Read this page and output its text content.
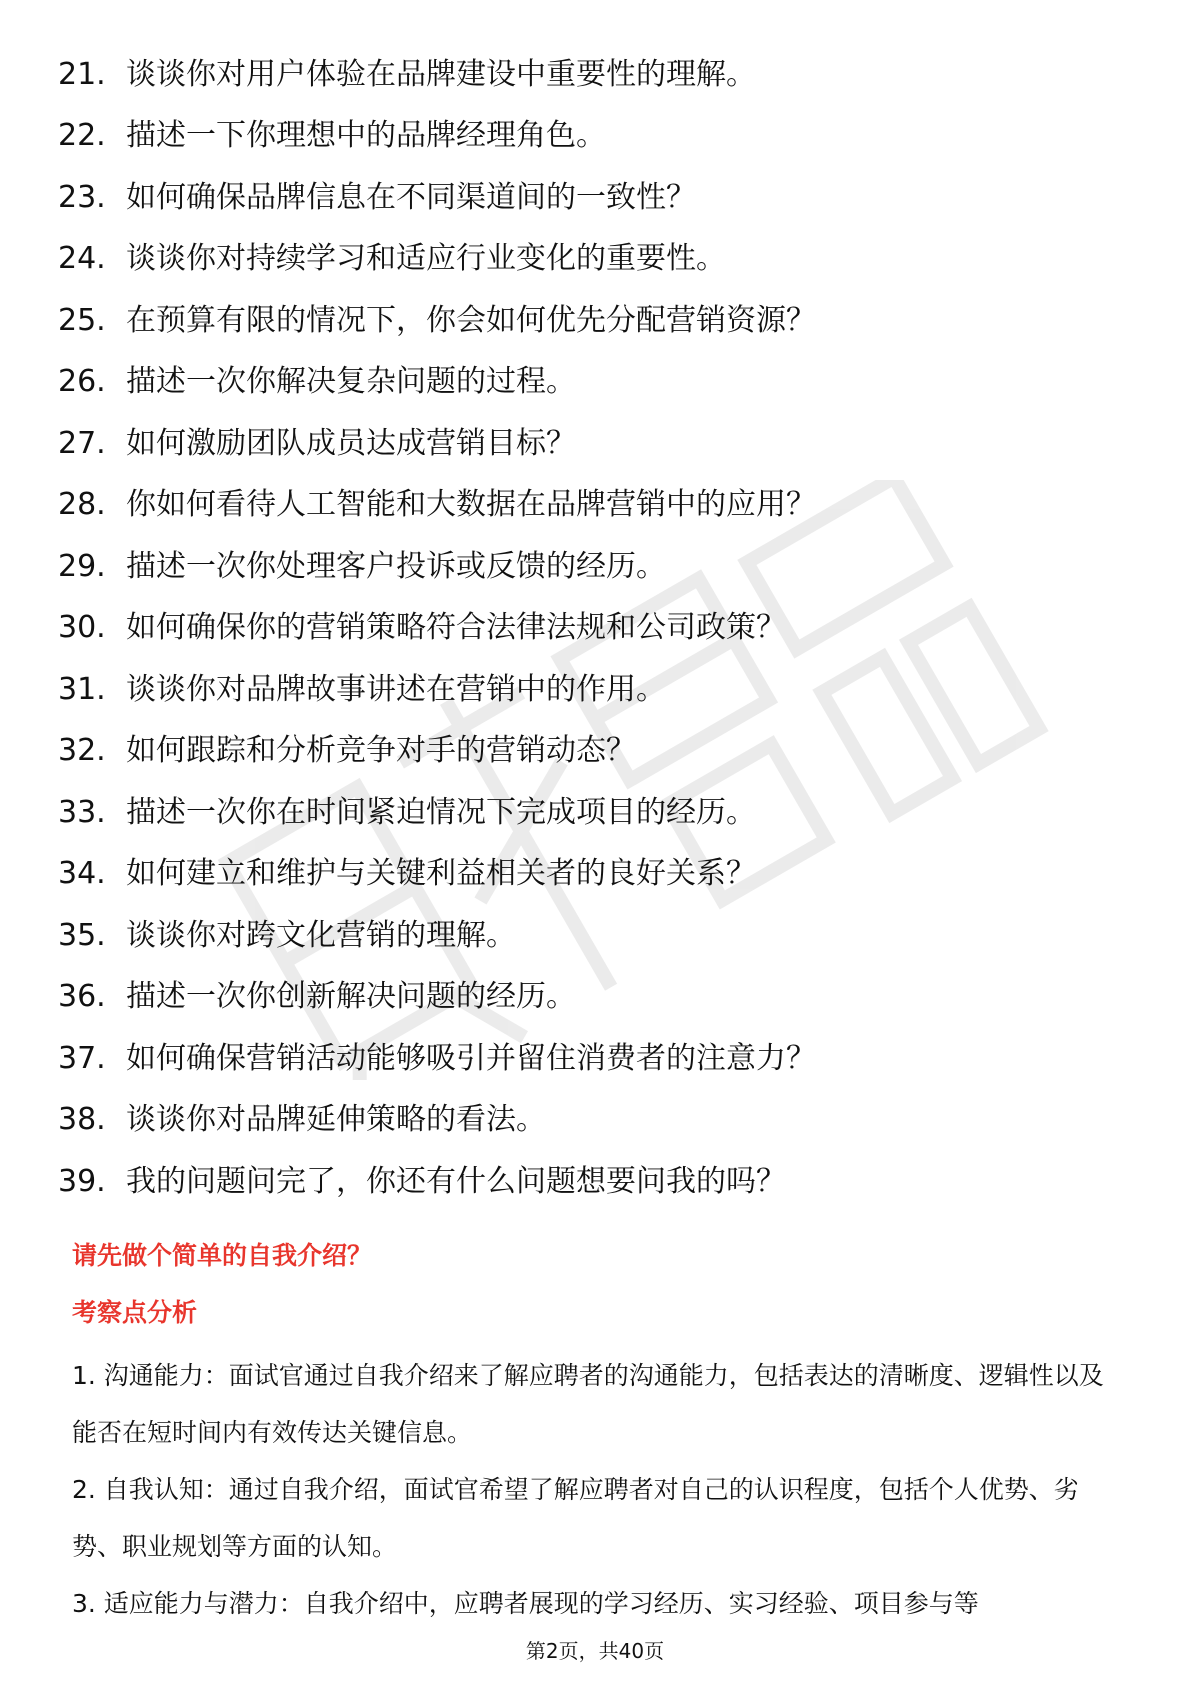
21. 谈谈你对用户体验在品牌建设中重要性的理解。
22. 描述一下你理想中的品牌经理角色。
23. 如何确保品牌信息在不同渠道间的一致性？
24. 谈谈你对持续学习和适应行业变化的重要性。
25. 在预算有限的情况下，你会如何优先分配营销资源？
26. 描述一次你解决复杂问题的过程。
27. 如何激励团队成员达成营销目标？
28. 你如何看待人工智能和大数据在品牌营销中的应用？
29. 描述一次你处理客户投诉或反馈的经历。
30. 如何确保你的营销策略符合法律法规和公司政策？
31. 谈谈你对品牌故事讲述在营销中的作用。
32. 如何跟踪和分析竞争对手的营销动态？
33. 描述一次你在时间紧迫情况下完成项目的经历。
34. 如何建立和维护与关键利益相关者的良好关系？
35. 谈谈你对跨文化营销的理解。
36. 描述一次你创新解决问题的经历。
37. 如何确保营销活动能够吸引并留住消费者的注意力？
38. 谈谈你对品牌延伸策略的看法。
39. 我的问题问完了，你还有什么问题想要问我的吗？
请先做个简单的自我介绍？
考察点分析

1. 沟通能力：面试官通过自我介绍来了解应聘者的沟通能力，包括表达的清晰度、逻辑性以及能否在短时间内有效传达关键信息。

2. 自我认知：通过自我介绍，面试官希望了解应聘者对自己的认识程度，包括个人优势、劣势、职业规划等方面的认知。

3. 适应能力与潜力：自我介绍中，应聘者展现的学习经历、实习经验、项目参与等

第2页，共40页
